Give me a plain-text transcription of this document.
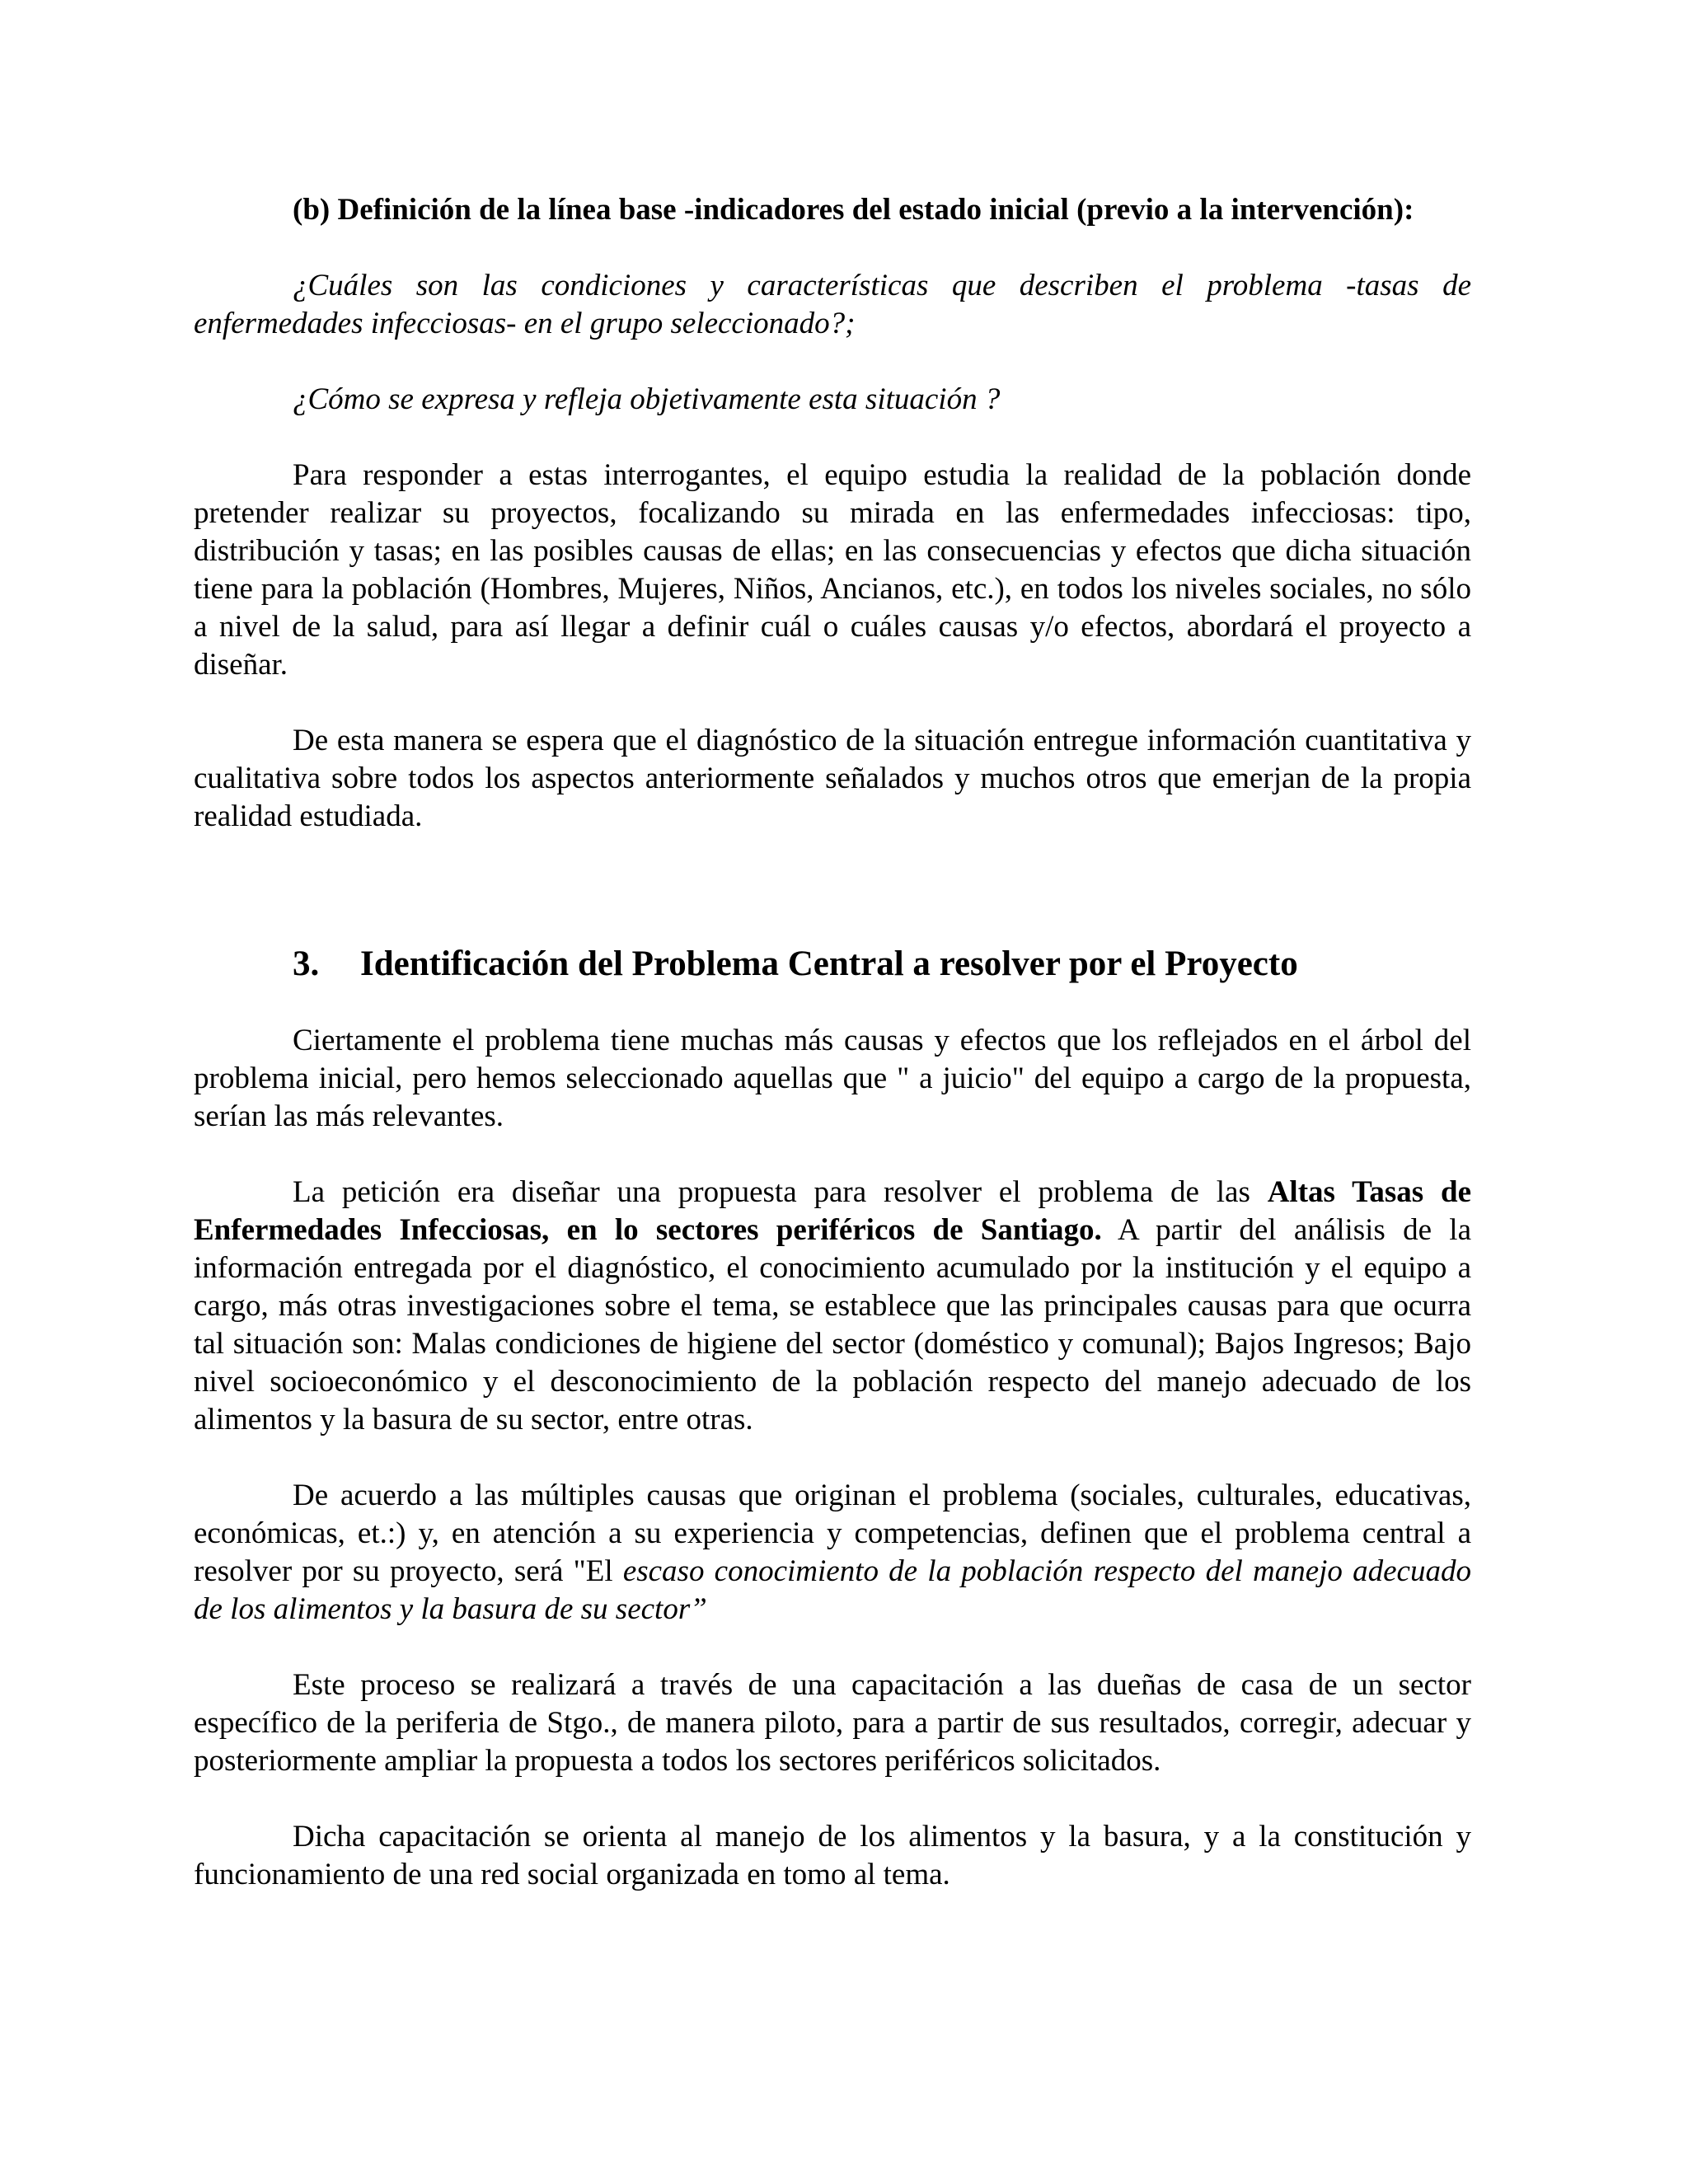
(b) Definición de la línea base -indicadores del estado inicial (previo a la intervención):

¿Cuáles son las condiciones y características que describen el problema -tasas de enfermedades infecciosas- en el grupo seleccionado?;

¿Cómo se expresa y refleja objetivamente esta situación ?

Para responder a estas interrogantes, el equipo estudia la realidad de la población donde pretender realizar su proyectos, focalizando su mirada en las enfermedades infecciosas: tipo, distribución y tasas; en las posibles causas de ellas; en las consecuencias y efectos que dicha situación tiene para la población (Hombres, Mujeres, Niños, Ancianos, etc.), en todos los niveles sociales, no sólo a nivel de la salud, para así llegar a definir cuál o cuáles causas y/o efectos, abordará el proyecto a diseñar.

De esta manera se espera que el diagnóstico de la situación entregue información cuantitativa y cualitativa sobre todos los aspectos anteriormente señalados y muchos otros que emerjan de la propia realidad estudiada.

3. Identificación del Problema Central a resolver por el Proyecto

Ciertamente el problema tiene muchas más causas y efectos que los reflejados en el árbol del problema inicial, pero hemos seleccionado aquellas que " a juicio" del equipo a cargo de la propuesta, serían las más relevantes.

La petición era diseñar una propuesta para resolver el problema de las Altas Tasas de Enfermedades Infecciosas, en lo sectores periféricos de Santiago. A partir del análisis de la información entregada por el diagnóstico, el conocimiento acumulado por la institución y el equipo a cargo, más otras investigaciones sobre el tema, se establece que las principales causas para que ocurra tal situación son: Malas condiciones de higiene del sector (doméstico y comunal); Bajos Ingresos; Bajo nivel socioeconómico y el desconocimiento de la población respecto del manejo adecuado de los alimentos y la basura de su sector, entre otras.

De acuerdo a las múltiples causas que originan el problema (sociales, culturales, educativas, económicas, et.:) y, en atención a su experiencia y competencias, definen que el problema central a resolver por su proyecto, será "El escaso conocimiento de la población respecto del manejo adecuado de los alimentos y la basura de su sector”

Este proceso se realizará a través de una capacitación a las dueñas de casa de un sector específico de la periferia de Stgo., de manera piloto, para a partir de sus resultados, corregir, adecuar y posteriormente ampliar la propuesta a todos los sectores periféricos solicitados.

Dicha capacitación se orienta al manejo de los alimentos y la basura, y a la constitución y funcionamiento de una red social organizada en tomo al tema.
